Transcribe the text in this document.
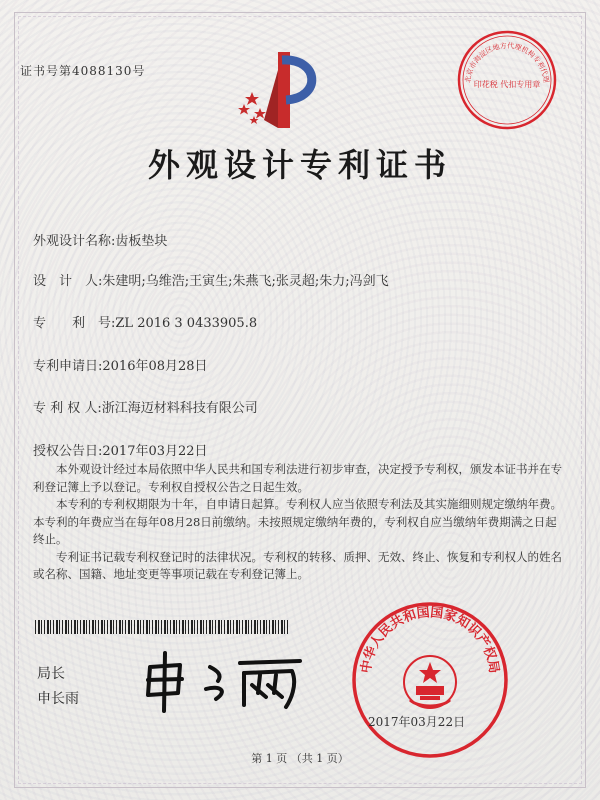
证书号第4088130号
北京市海淀区地方代理机构专利代理
印花税 代扣专用章
外观设计专利证书
外观设计名称:齿板垫块
设　计　人:朱建明;乌维浩;王寅生;朱燕飞;张灵超;朱力;冯剑飞
专　　利　号:ZL 2016 3 0433905.8
专利申请日:2016年08月28日
专 利 权 人:浙江海迈材料科技有限公司
授权公告日:2017年03月22日

本外观设计经过本局依照中华人民共和国专利法进行初步审查，决定授予专利权，颁发本证书并在专利登记簿上予以登记。专利权自授权公告之日起生效。

本专利的专利权期限为十年，自申请日起算。专利权人应当依照专利法及其实施细则规定缴纳年费。本专利的年费应当在每年08月28日前缴纳。未按照规定缴纳年费的，专利权自应当缴纳年费期满之日起终止。

专利证书记载专利权登记时的法律状况。专利权的转移、质押、无效、终止、恢复和专利权人的姓名或名称、国籍、地址变更等事项记载在专利登记簿上。

局长
申长雨
中华人民共和国国家知识产权局
2017年03月22日
第 1 页 （共 1 页）
